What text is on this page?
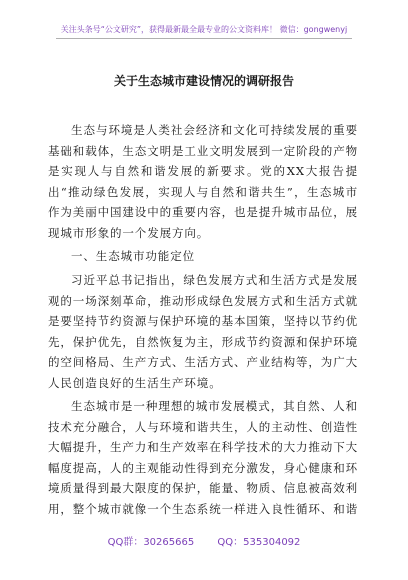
关注头条号“公文研究”，获得最新最全最专业的公文资料库！ 微信：gongwenyj
关于生态城市建设情况的调研报告

生态与环境是人类社会经济和文化可持续发展的重要基础和载体，生态文明是工业文明发展到一定阶段的产物是实现人与自然和谐发展的新要求。党的XX大报告提出“推动绿色发展，实现人与自然和谐共生”，生态城市作为美丽中国建设中的重要内容，也是提升城市品位，展现城市形象的一个发展方向。

一、生态城市功能定位

习近平总书记指出，绿色发展方式和生活方式是发展观的一场深刻革命，推动形成绿色发展方式和生活方式就是要坚持节约资源与保护环境的基本国策，坚持以节约优先，保护优先，自然恢复为主，形成节约资源和保护环境的空间格局、生产方式、生活方式、产业结构等，为广大人民创造良好的生活生产环境。

生态城市是一种理想的城市发展模式，其自然、人和技术充分融合，人与环境和谐共生，人的主动性、创造性大幅提升，生产力和生产效率在科学技术的大力推动下大幅度提高，人的主观能动性得到充分激发，身心健康和环境质量得到最大限度的保护，能量、物质、信息被高效利用，整个城市就像一个生态系统一样进入良性循环、和谐

QQ群：30265665 QQ：535304092
